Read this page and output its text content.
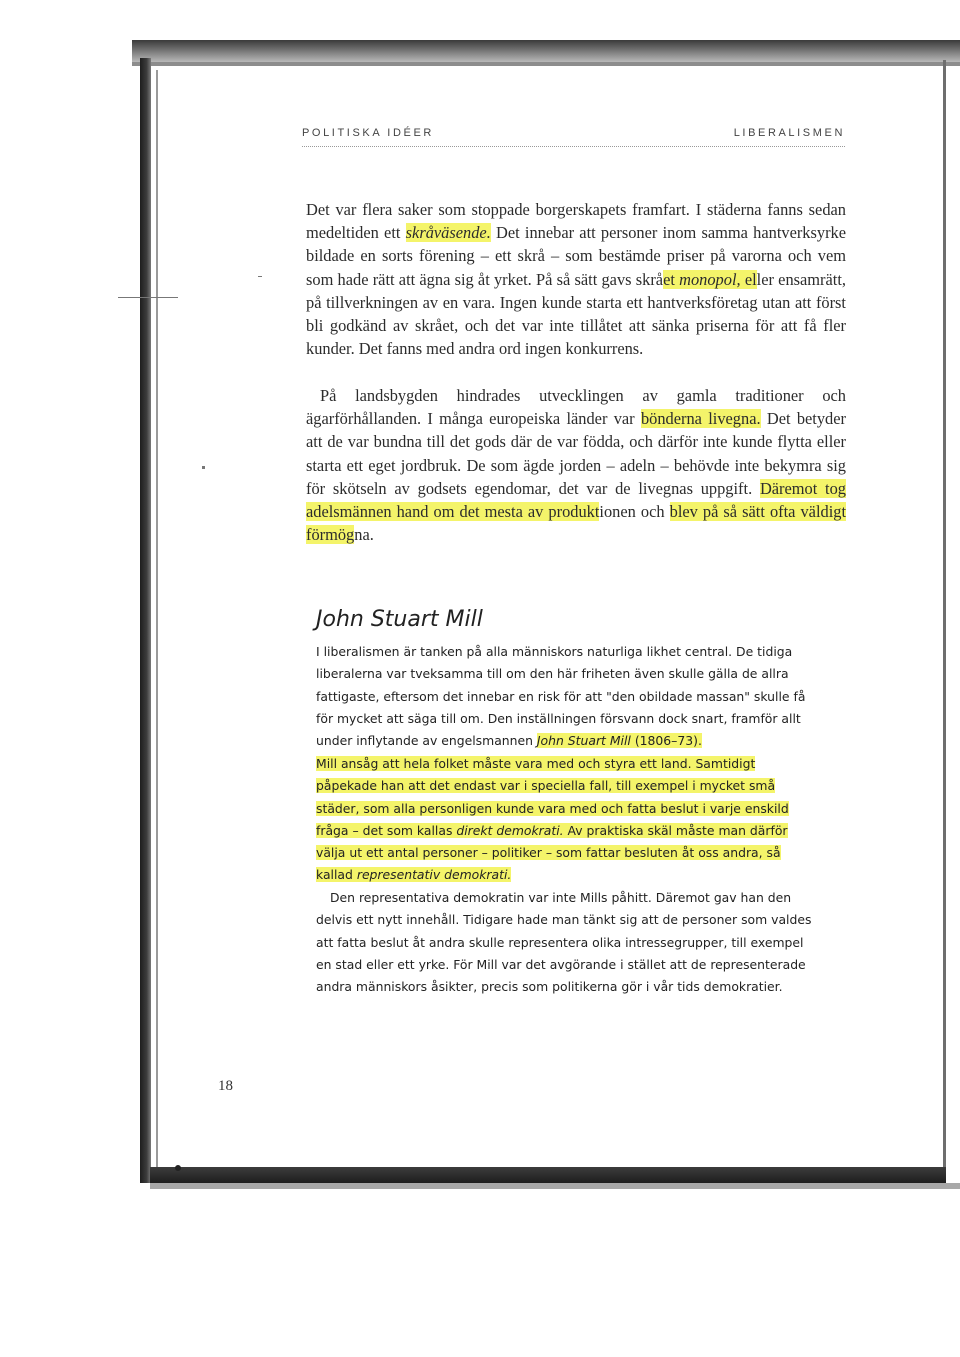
POLITISKA IDÉER	LIBERALISMEN

Det var flera saker som stoppade borgerskapets framfart. I städerna fanns sedan medeltiden ett skråväsende. Det innebar att personer inom samma hantverksyrke bildade en sorts förening – ett skrå – som bestämde priser på varorna och vem som hade rätt att ägna sig åt yrket. På så sätt gavs skrået monopol, eller ensamrätt, på tillverkningen av en vara. Ingen kunde starta ett hantverksföretag utan att först bli godkänd av skrået, och det var inte tillåtet att sänka priserna för att få fler kunder. Det fanns med andra ord ingen konkurrens.

På landsbygden hindrades utvecklingen av gamla traditioner och ägarförhållanden. I många europeiska länder var bönderna livegna. Det betyder att de var bundna till det gods där de var födda, och därför inte kunde flytta eller starta ett eget jordbruk. De som ägde jorden – adeln – behövde inte bekymra sig för skötseln av godsets egendomar, det var de livegnas uppgift. Däremot tog adelsmännen hand om det mesta av produktionen och blev på så sätt ofta väldigt förmögna.

John Stuart Mill

I liberalismen är tanken på alla människors naturliga likhet central. De tidiga liberalerna var tveksamma till om den här friheten även skulle gälla de allra fattigaste, eftersom det innebar en risk för att "den obildade massan" skulle få för mycket att säga till om. Den inställningen försvann dock snart, framför allt under inflytande av engelsmannen John Stuart Mill (1806–73).

Mill ansåg att hela folket måste vara med och styra ett land. Samtidigt påpekade han att det endast var i speciella fall, till exempel i mycket små städer, som alla personligen kunde vara med och fatta beslut i varje enskild fråga – det som kallas direkt demokrati. Av praktiska skäl måste man därför välja ut ett antal personer – politiker – som fattar besluten åt oss andra, så kallad representativ demokrati.

Den representativa demokratin var inte Mills påhitt. Däremot gav han den delvis ett nytt innehåll. Tidigare hade man tänkt sig att de personer som valdes att fatta beslut åt andra skulle representera olika intressegrupper, till exempel en stad eller ett yrke. För Mill var det avgörande i stället att de representerade andra människors åsikter, precis som politikerna gör i vår tids demokratier.

18
